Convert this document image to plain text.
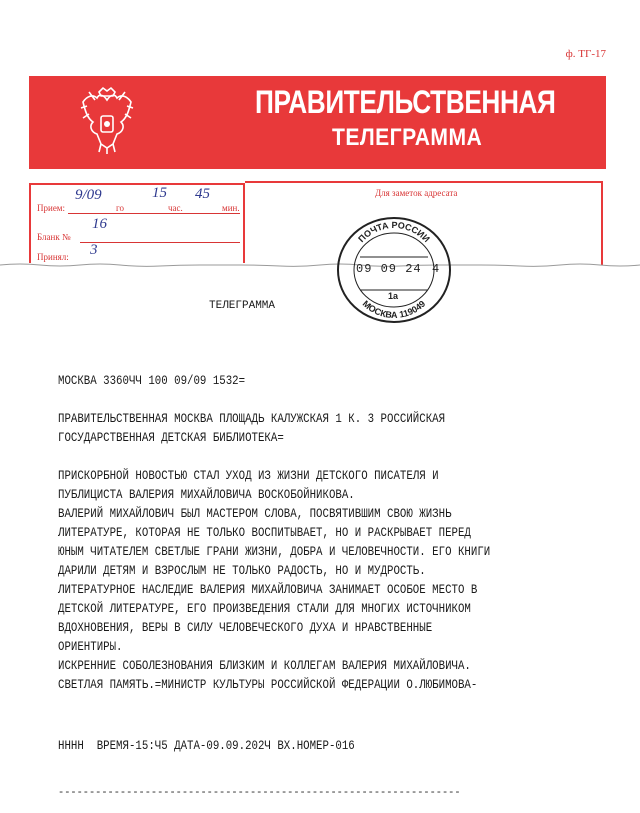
ф. ТГ-17
ПРАВИТЕЛЬСТВЕННАЯ
ТЕЛЕГРАММА
Прием:	го	час.	мин.
9/09	15 45
Бланк №
16
Принял: 3
Для заметок адресата
ПОЧТА РОССИИ
МОСКВА 119049
09 09 24 4
1а
ТЕЛЕГРАММА
МОСКВА 3360ЧЧ 100 09/09 1532=
ПРАВИТЕЛЬСТВЕННАЯ МОСКВА ПЛОЩАДЬ КАЛУЖСКАЯ 1 К. 3 РОССИЙСКАЯ
ГОСУДАРСТВЕННАЯ ДЕТСКАЯ БИБЛИОТЕКА=
ПРИСКОРБНОЙ НОВОСТЬЮ СТАЛ УХОД ИЗ ЖИЗНИ ДЕТСКОГО ПИСАТЕЛЯ И
ПУБЛИЦИСТА ВАЛЕРИЯ МИХАЙЛОВИЧА ВОСКОБОЙНИКОВА.
ВАЛЕРИЙ МИХАЙЛОВИЧ БЫЛ МАСТЕРОМ СЛОВА, ПОСВЯТИВШИМ СВОЮ ЖИЗНЬ
ЛИТЕРАТУРЕ, КОТОРАЯ НЕ ТОЛЬКО ВОСПИТЫВАЕТ, НО И РАСКРЫВАЕТ ПЕРЕД
ЮНЫМ ЧИТАТЕЛЕМ СВЕТЛЫЕ ГРАНИ ЖИЗНИ, ДОБРА И ЧЕЛОВЕЧНОСТИ. ЕГО КНИГИ
ДАРИЛИ ДЕТЯМ И ВЗРОСЛЫМ НЕ ТОЛЬКО РАДОСТЬ, НО И МУДРОСТЬ.
ЛИТЕРАТУРНОЕ НАСЛЕДИЕ ВАЛЕРИЯ МИХАЙЛОВИЧА ЗАНИМАЕТ ОСОБОЕ МЕСТО В
ДЕТСКОЙ ЛИТЕРАТУРЕ, ЕГО ПРОИЗВЕДЕНИЯ СТАЛИ ДЛЯ МНОГИХ ИСТОЧНИКОМ
ВДОХНОВЕНИЯ, ВЕРЫ В СИЛУ ЧЕЛОВЕЧЕСКОГО ДУХА И НРАВСТВЕННЫЕ
ОРИЕНТИРЫ.
ИСКРЕННИЕ СОБОЛЕЗНОВАНИЯ БЛИЗКИМ И КОЛЛЕГАМ ВАЛЕРИЯ МИХАЙЛОВИЧА.
СВЕТЛАЯ ПАМЯТЬ.=МИНИСТР КУЛЬТУРЫ РОССИЙСКОЙ ФЕДЕРАЦИИ О.ЛЮБИМОВА-
НННН  ВРЕМЯ-15:Ч5 ДАТА-09.09.202Ч ВХ.НОМЕР-016
-----------------------------------------------------------------
